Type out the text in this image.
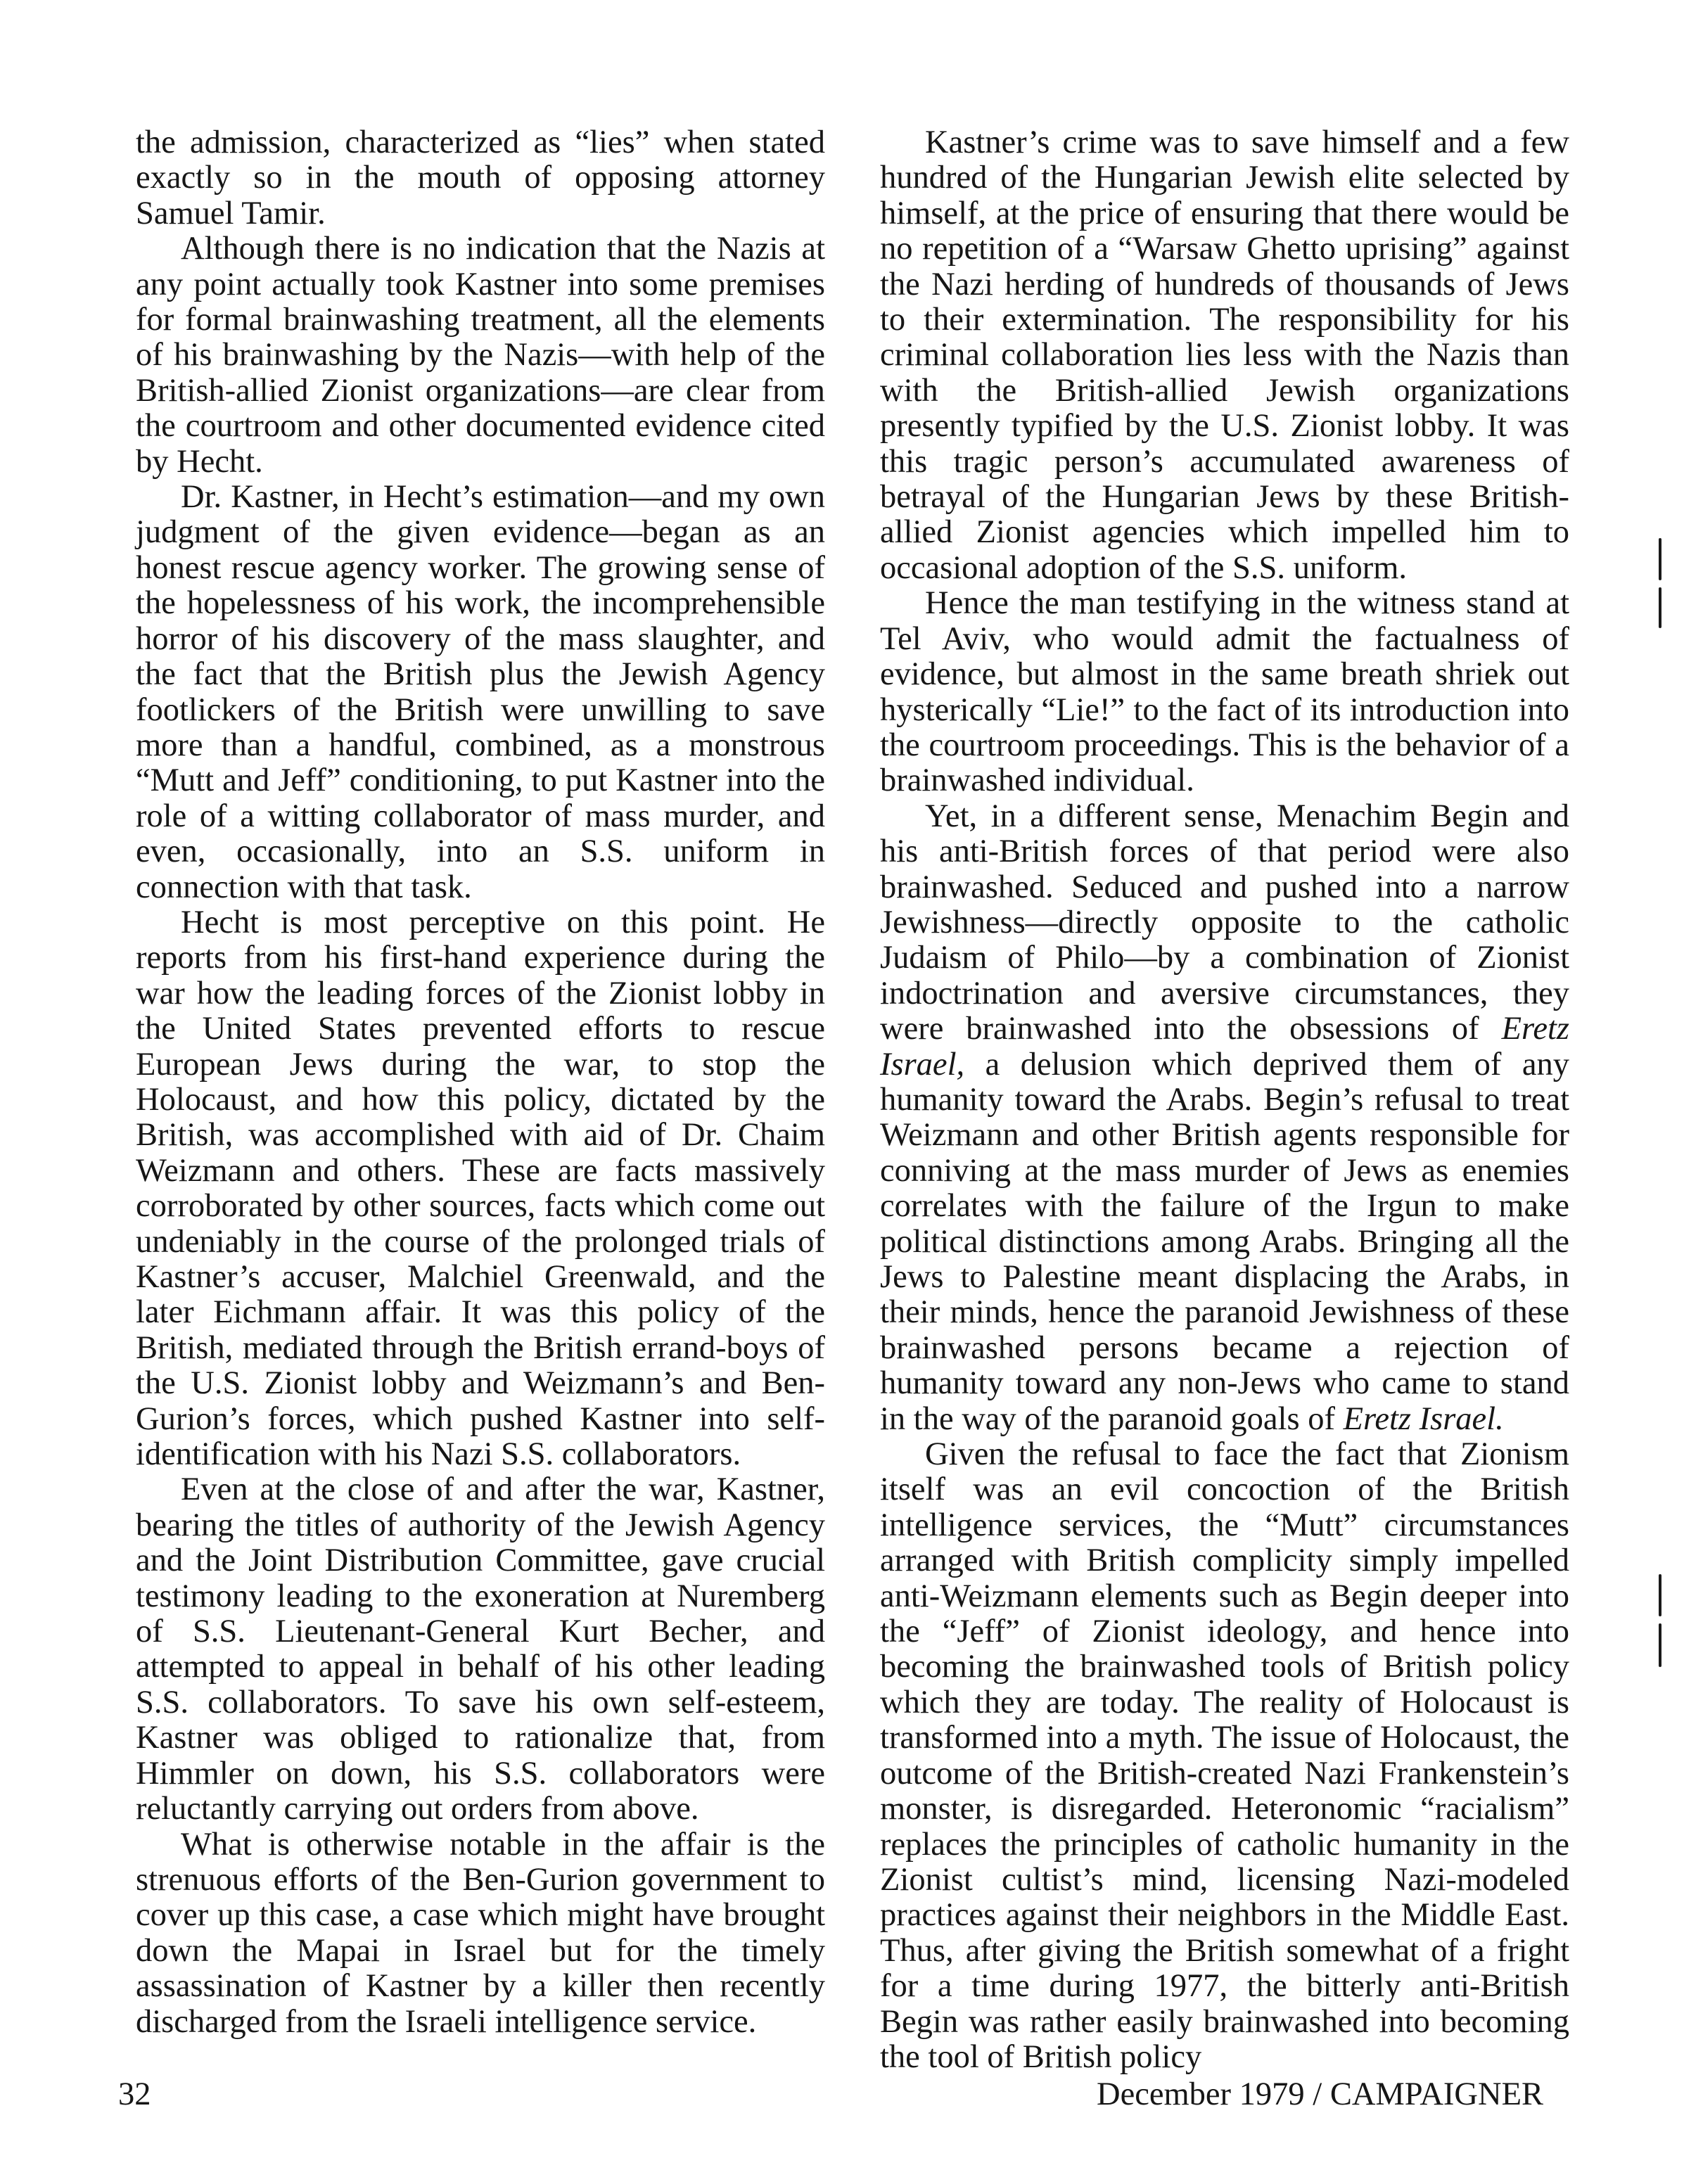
the admission, characterized as “lies” when stated exactly so in the mouth of opposing attorney Samuel Tamir.

Although there is no indication that the Nazis at any point actually took Kastner into some premises for formal brainwashing treatment, all the elements of his brainwashing by the Nazis—with help of the British-allied Zionist organizations—are clear from the courtroom and other documented evidence cited by Hecht.

Dr. Kastner, in Hecht’s estimation—and my own judgment of the given evidence—began as an honest rescue agency worker. The growing sense of the hopelessness of his work, the incomprehensible horror of his discovery of the mass slaughter, and the fact that the British plus the Jewish Agency footlickers of the British were unwilling to save more than a handful, combined, as a monstrous “Mutt and Jeff” conditioning, to put Kastner into the role of a witting collaborator of mass murder, and even, occasionally, into an S.S. uniform in connection with that task.

Hecht is most perceptive on this point. He reports from his first-hand experience during the war how the leading forces of the Zionist lobby in the United States prevented efforts to rescue European Jews during the war, to stop the Holocaust, and how this policy, dictated by the British, was accomplished with aid of Dr. Chaim Weizmann and others. These are facts massively corroborated by other sources, facts which come out undeniably in the course of the prolonged trials of Kastner’s accuser, Malchiel Greenwald, and the later Eichmann affair. It was this policy of the British, mediated through the British errand-boys of the U.S. Zionist lobby and Weizmann’s and Ben-Gurion’s forces, which pushed Kastner into self-identification with his Nazi S.S. collaborators.

Even at the close of and after the war, Kastner, bearing the titles of authority of the Jewish Agency and the Joint Distribution Committee, gave crucial testimony leading to the exoneration at Nuremberg of S.S. Lieutenant-General Kurt Becher, and attempted to appeal in behalf of his other leading S.S. collaborators. To save his own self-esteem, Kastner was obliged to rationalize that, from Himmler on down, his S.S. collaborators were reluctantly carrying out orders from above.

What is otherwise notable in the affair is the strenuous efforts of the Ben-Gurion government to cover up this case, a case which might have brought down the Mapai in Israel but for the timely assassination of Kastner by a killer then recently discharged from the Israeli intelligence service.

Kastner’s crime was to save himself and a few hundred of the Hungarian Jewish elite selected by himself, at the price of ensuring that there would be no repetition of a “Warsaw Ghetto uprising” against the Nazi herding of hundreds of thousands of Jews to their extermination. The responsibility for his criminal collaboration lies less with the Nazis than with the British-allied Jewish organizations presently typified by the U.S. Zionist lobby. It was this tragic person’s accumulated awareness of betrayal of the Hungarian Jews by these British-allied Zionist agencies which impelled him to occasional adoption of the S.S. uniform.

Hence the man testifying in the witness stand at Tel Aviv, who would admit the factualness of evidence, but almost in the same breath shriek out hysterically “Lie!” to the fact of its introduction into the courtroom proceedings. This is the behavior of a brainwashed individual.

Yet, in a different sense, Menachim Begin and his anti-British forces of that period were also brainwashed. Seduced and pushed into a narrow Jewishness—directly opposite to the catholic Judaism of Philo—by a combination of Zionist indoctrination and aversive circumstances, they were brainwashed into the obsessions of Eretz Israel, a delusion which deprived them of any humanity toward the Arabs. Begin’s refusal to treat Weizmann and other British agents responsible for conniving at the mass murder of Jews as enemies correlates with the failure of the Irgun to make political distinctions among Arabs. Bringing all the Jews to Palestine meant displacing the Arabs, in their minds, hence the paranoid Jewishness of these brainwashed persons became a rejection of humanity toward any non-Jews who came to stand in the way of the paranoid goals of Eretz Israel.

Given the refusal to face the fact that Zionism itself was an evil concoction of the British intelligence services, the “Mutt” circumstances arranged with British complicity simply impelled anti-Weizmann elements such as Begin deeper into the “Jeff” of Zionist ideology, and hence into becoming the brainwashed tools of British policy which they are today. The reality of Holocaust is transformed into a myth. The issue of Holocaust, the outcome of the British-created Nazi Frankenstein’s monster, is disregarded. Heteronomic “racialism” replaces the principles of catholic humanity in the Zionist cultist’s mind, licensing Nazi-modeled practices against their neighbors in the Middle East. Thus, after giving the British somewhat of a fright for a time during 1977, the bitterly anti-British Begin was rather easily brainwashed into becoming the tool of British policy

32	December 1979 / CAMPAIGNER
